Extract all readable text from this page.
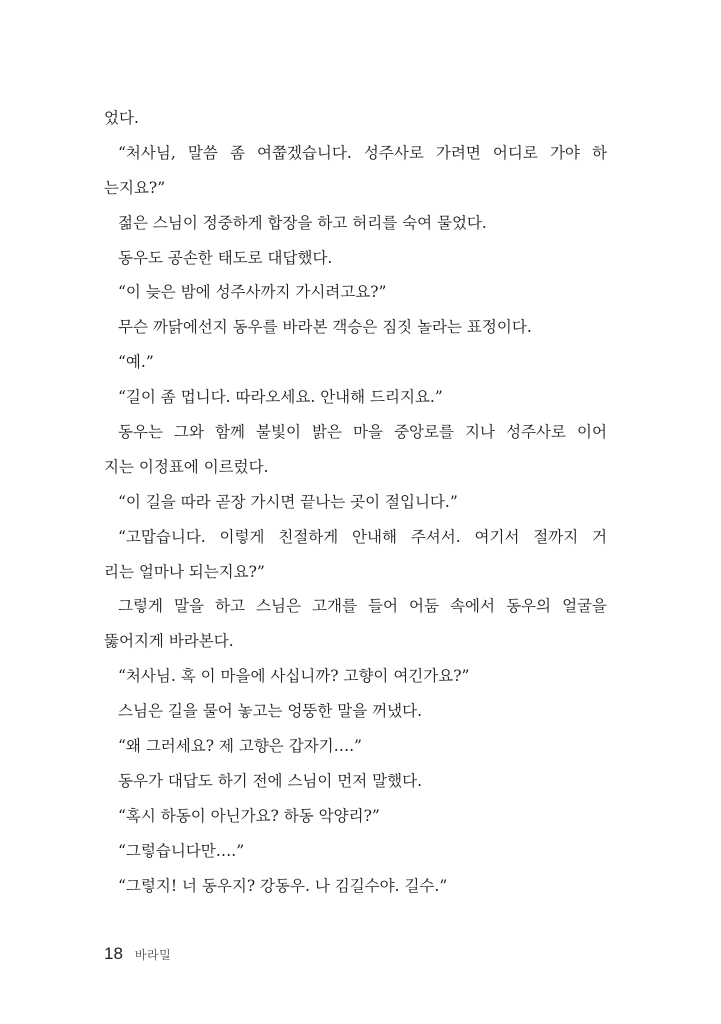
었다.
“처사님, 말씀 좀 여쭙겠습니다. 성주사로 가려면 어디로 가야 하
는지요?”
젊은 스님이 정중하게 합장을 하고 허리를 숙여 물었다.
동우도 공손한 태도로 대답했다.
“이 늦은 밤에 성주사까지 가시려고요?”
무슨 까닭에선지 동우를 바라본 객승은 짐짓 놀라는 표정이다.
“예.”
“길이 좀 멉니다. 따라오세요. 안내해 드리지요.”
동우는 그와 함께 불빛이 밝은 마을 중앙로를 지나 성주사로 이어
지는 이정표에 이르렀다.
“이 길을 따라 곧장 가시면 끝나는 곳이 절입니다.”
“고맙습니다. 이렇게 친절하게 안내해 주셔서. 여기서 절까지 거
리는 얼마나 되는지요?”
그렇게 말을 하고 스님은 고개를 들어 어둠 속에서 동우의 얼굴을
뚫어지게 바라본다.
“처사님. 혹 이 마을에 사십니까? 고향이 여긴가요?”
스님은 길을 물어 놓고는 엉뚱한 말을 꺼냈다.
“왜 그러세요? 제 고향은 갑자기….”
동우가 대답도 하기 전에 스님이 먼저 말했다.
“혹시 하동이 아닌가요? 하동 악양리?”
“그렇습니다만….”
“그렇지! 너 동우지? 강동우. 나 김길수야. 길수.”
18 바라밀
